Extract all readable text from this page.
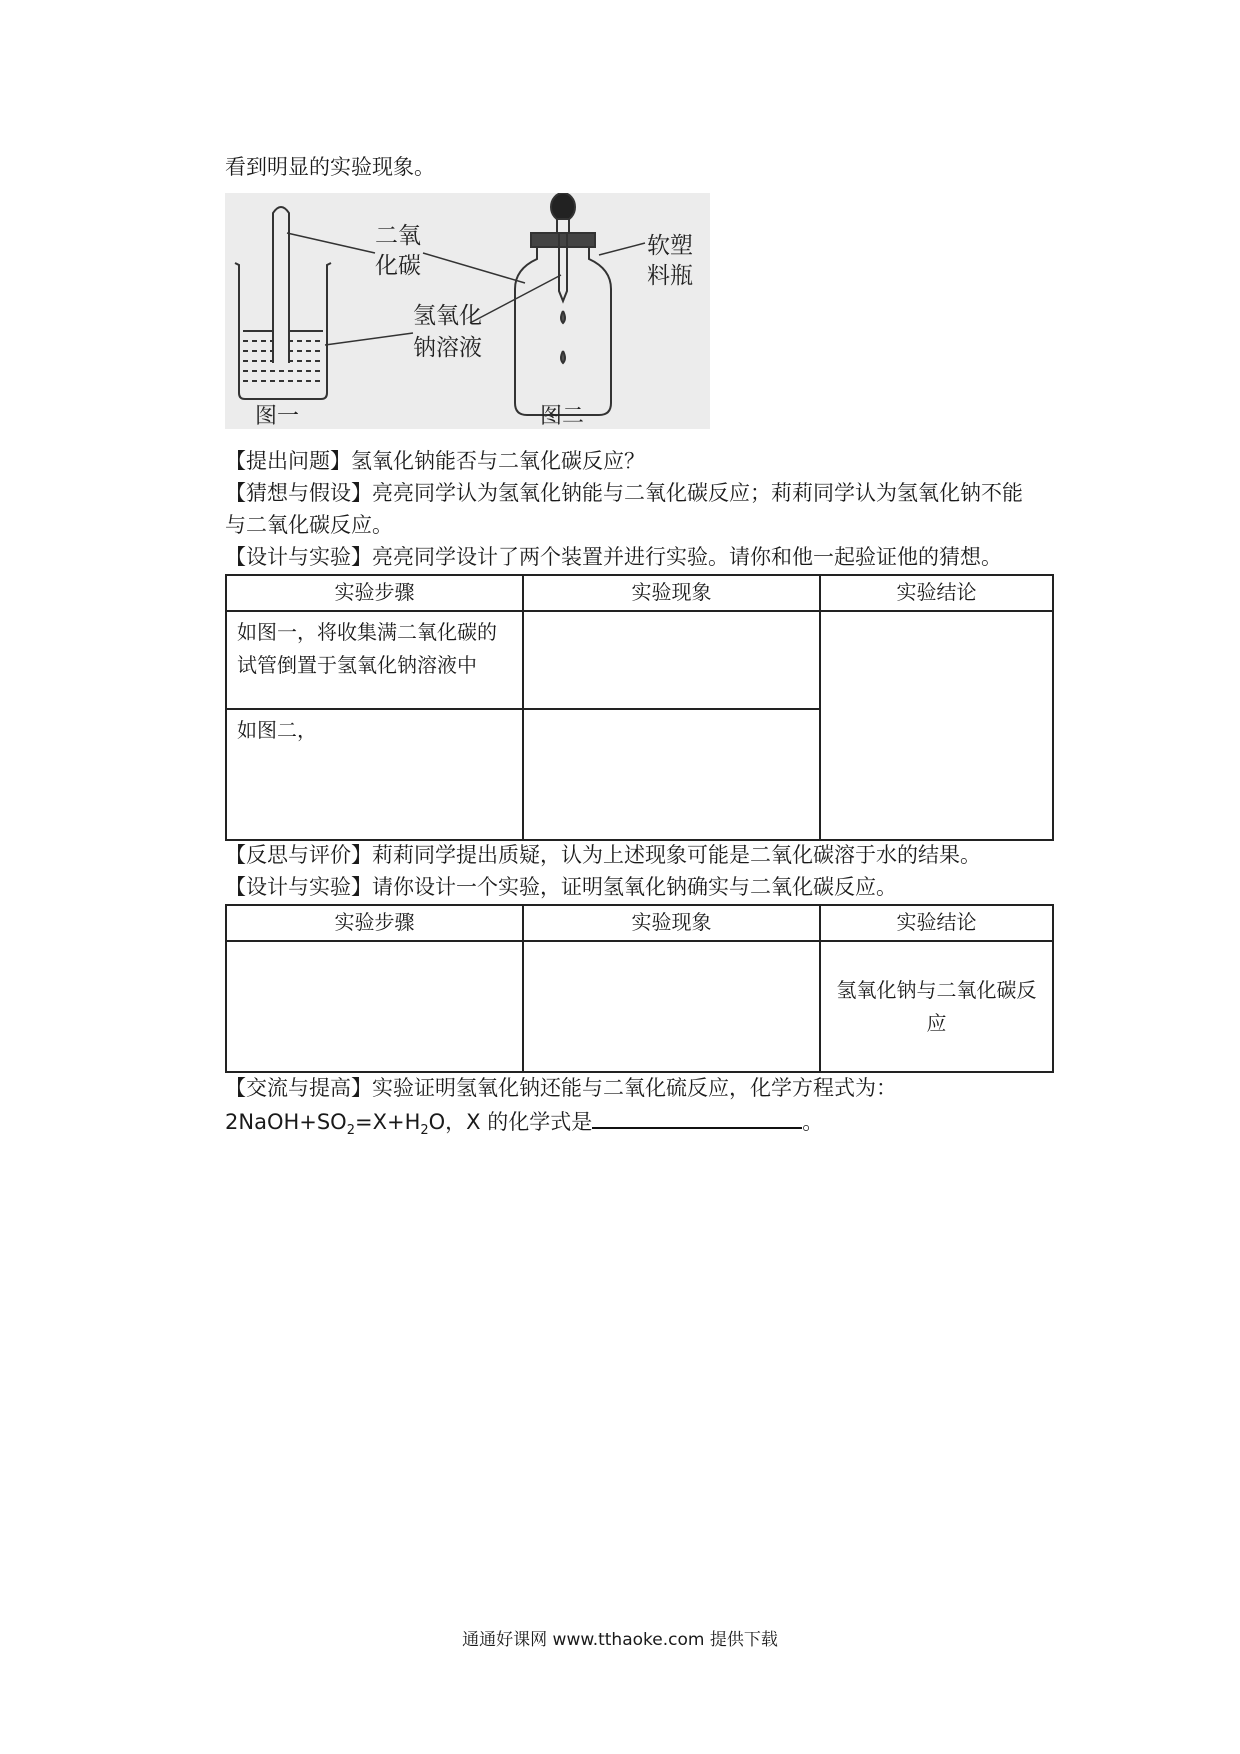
看到明显的实验现象。
二氧
化碳
氢氧化
钠溶液
软塑
料瓶
图一	图二
【提出问题】氢氧化钠能否与二氧化碳反应？
【猜想与假设】亮亮同学认为氢氧化钠能与二氧化碳反应；莉莉同学认为氢氧化钠不能
与二氧化碳反应。
【设计与实验】亮亮同学设计了两个装置并进行实验。请你和他一起验证他的猜想。
实验步骤	实验现象	实验结论

如图一，将收集满二氧化碳的试管倒置于氢氧化钠溶液中		

如图二，		

【反思与评价】莉莉同学提出质疑，认为上述现象可能是二氧化碳溶于水的结果。
【设计与实验】请你设计一个实验，证明氢氧化钠确实与二氧化碳反应。
实验步骤	实验现象	实验结论

		氢氧化钠与二氧化碳反应
【交流与提高】实验证明氢氧化钠还能与二氧化硫反应，化学方程式为：
$2NaOH+SO_2=X+H_2O$，X 的化学式是	。
通通好课网 www.tthaoke.com 提供下载
